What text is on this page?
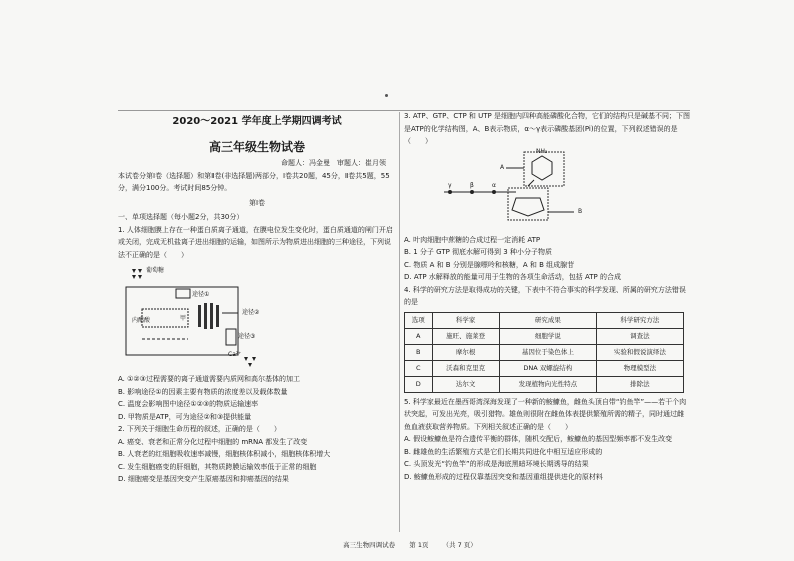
2020～2021 学年度上学期四调考试
高三年级生物试卷
命题人：冯金曼　审题人：崔月领

本试卷分第Ⅰ卷（选择题）和第Ⅱ卷(非选择题)两部分，Ⅰ卷共20题，45分，Ⅱ卷共5题，55分，满分100分。考试时间85分钟。

第Ⅰ卷

一、单项选择题（每小题2分，共30分）

1. 人体细胞膜上存在一种蛋白质离子通道，在膜电位发生变化时，蛋白质通道的闸门开启或关闭，完成无机盐离子进出细胞的运输，如图所示为物质进出细胞的三种途径，下列说法不正确的是（　　）

葡萄糖
途径①
途径②
途径③
内酯酸	甲
Ca²⁺

A. ①②③过程需要的离子通道需要内质网和高尔基体的加工

B. 影响途径①的因素主要有物质的浓度差以及载体数量

C. 温度会影响图中途径①②③的物质运输速率

D. 甲物质是ATP，可为途径②和③提供能量

2. 下列关于细胞生命历程的叙述，正确的是（　　）

A. 癌变、衰老和正常分化过程中细胞的 mRNA 都发生了改变

B. 人衰老的红细胞吸收速率减慢，细胞核体积减小，细胞核体积增大

C. 发生细胞癌变的肝细胞，其物质跨膜运输效率低于正常的细胞

D. 细胞癌变是基因突变产生原癌基因和抑癌基因的结果

3. ATP、GTP、CTP 和 UTP 是细胞内四种高能磷酸化合物，它们的结构只是碱基不同；下图是ATP的化学结构图，A、B表示物质，α～γ表示磷酸基团(Pi)的位置，下列叙述错误的是（　　）

A
B
NH₂
γ	β	α

A. 叶肉细胞中蔗糖的合成过程一定消耗 ATP

B. 1 分子 GTP 彻底水解可得到 3 种小分子物质

C. 物质 A 和 B 分别是腺嘌呤和核糖，A 和 B 组成腺苷

D. ATP 水解释放的能量可用于生物的各项生命活动，包括 ATP 的合成

4. 科学的研究方法是取得成功的关键，下表中不符合事实的科学发现、所属的研究方法错误的是

选项	科学家	研究成果	科学研究方法
A	施旺、施莱登	细胞学说	调查法
B	摩尔根	基因位于染色体上	实验和假说演绎法
C	沃森和克里克	DNA 双螺旋结构	物理模型法
D	达尔文	发现植物向光性特点	排除法

5. 科学家最近在墨西哥湾深海发现了一种新的鮟鱇鱼，雌鱼头顶自带“钓鱼竿”——若干个肉状突起，可发出光亮，吸引猎物。雄鱼则很附在雌鱼体表提供繁殖所需的精子，同时通过雌鱼血液获取营养物质。下列相关叙述正确的是（　　）

A. 假设鮟鱇鱼是符合遗传平衡的群体，随机交配后，鮟鱇鱼的基因型频率都不发生改变

B. 雌雄鱼的生活繁殖方式是它们长期共同进化中相互适应形成的

C. 头顶发光“钓鱼竿”的形成是海底黑暗环境长期诱导的结果

D. 鮟鱇鱼形成的过程仅靠基因突变和基因重组提供进化的原材料

高三生物四调试卷 第 1页 （共 7 页）
